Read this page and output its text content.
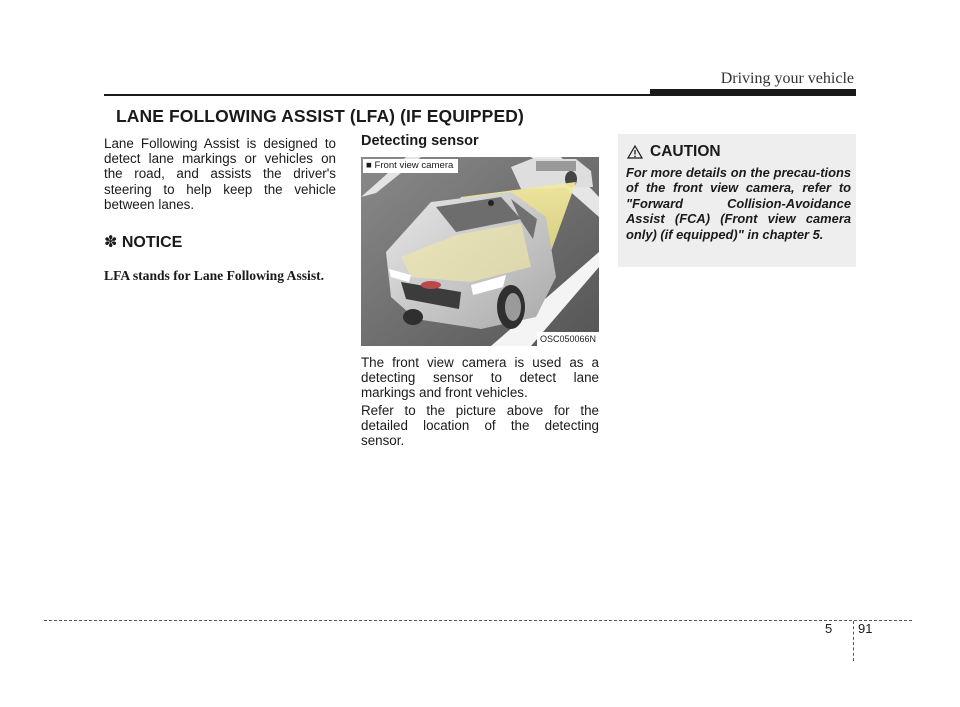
Driving your vehicle
LANE FOLLOWING ASSIST (LFA) (IF EQUIPPED)

Lane Following Assist is designed to detect lane markings or vehicles on the road, and assists the driver's steering to help keep the vehicle between lanes.

✽ NOTICE

LFA stands for Lane Following Assist.

Detecting sensor
OSC050066N
■ Front view camera

The front view camera is used as a detecting sensor to detect lane markings and front vehicles.

Refer to the picture above for the detailed location of the detecting sensor.

CAUTION

For more details on the precau-tions of the front view camera, refer to "Forward Collision-Avoidance Assist (FCA) (Front view camera only) (if equipped)" in chapter 5.

5 91
